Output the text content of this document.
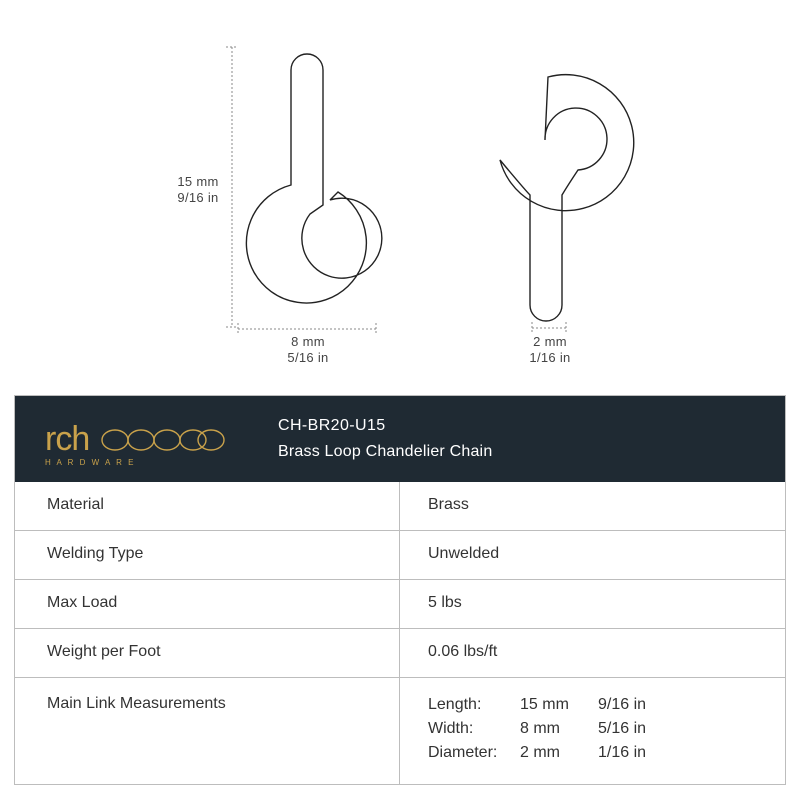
15 mm
9/16 in
8 mm
5/16 in
2 mm
1/16 in
rch
H A R D W A R E
CH-BR20-U15
Brass Loop Chandelier Chain
Material	Brass
Welding Type	Unwelded
Max Load	5 lbs
Weight per Foot	0.06 lbs/ft
Main Link Measurements	Length: 15 mm 9/16 in
Width:	8 mm 5/16 in
Diameter: 2 mm 1/16 in
